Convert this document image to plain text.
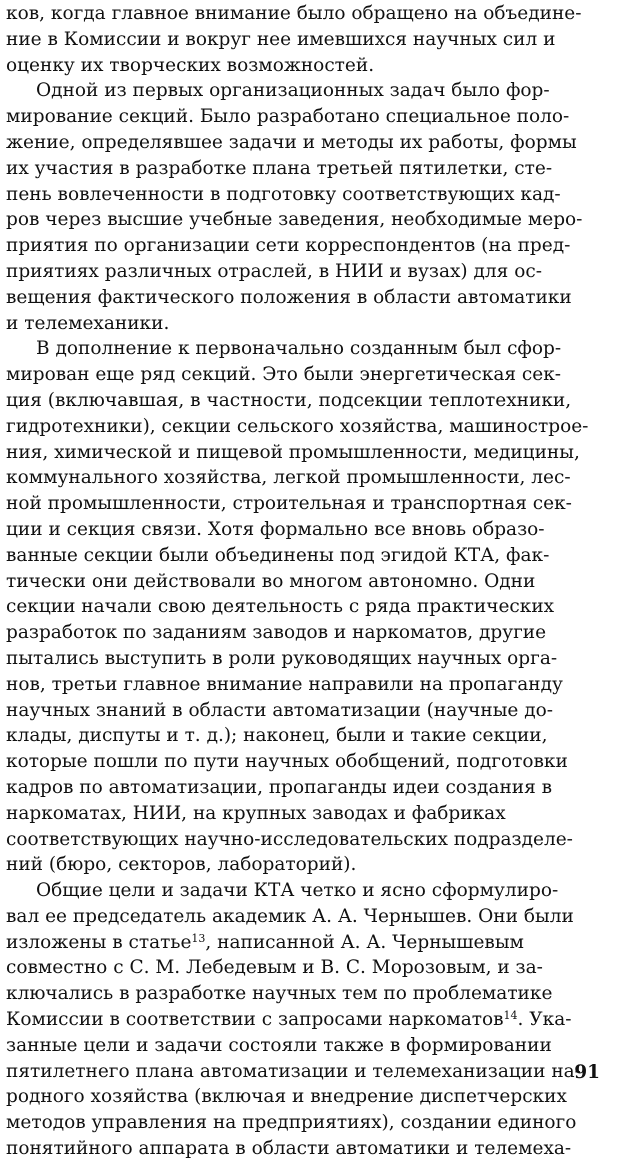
ков, когда главное внимание было обращено на объедине-
ние в Комиссии и вокруг нее имевшихся научных сил и
оценку их творческих возможностей.
Одной из первых организационных задач было фор-
мирование секций. Было разработано специальное поло-
жение, определявшее задачи и методы их работы, формы
их участия в разработке плана третьей пятилетки, сте-
пень вовлеченности в подготовку соответствующих кад-
ров через высшие учебные заведения, необходимые меро-
приятия по организации сети корреспондентов (на пред-
приятиях различных отраслей, в НИИ и вузах) для ос-
вещения фактического положения в области автоматики
и телемеханики.
В дополнение к первоначально созданным был сфор-
мирован еще ряд секций. Это были энергетическая сек-
ция (включавшая, в частности, подсекции теплотехники,
гидротехники), секции сельского хозяйства, машинострое-
ния, химической и пищевой промышленности, медицины,
коммунального хозяйства, легкой промышленности, лес-
ной промышленности, строительная и транспортная сек-
ции и секция связи. Хотя формально все вновь образо-
ванные секции были объединены под эгидой КТА, фак-
тически они действовали во многом автономно. Одни
секции начали свою деятельность с ряда практических
разработок по заданиям заводов и наркоматов, другие
пытались выступить в роли руководящих научных орга-
нов, третьи главное внимание направили на пропаганду
научных знаний в области автоматизации (научные до-
клады, диспуты и т. д.); наконец, были и такие секции,
которые пошли по пути научных обобщений, подготовки
кадров по автоматизации, пропаганды идеи создания в
наркоматах, НИИ, на крупных заводах и фабриках
соответствующих научно-исследовательских подразделе-
ний (бюро, секторов, лабораторий).
Общие цели и задачи КТА четко и ясно сформулиро-
вал ее председатель академик А. А. Чернышев. Они были
изложены в статье$^{13}$, написанной А. А. Чернышевым
совместно с С. М. Лебедевым и В. С. Морозовым, и за-
ключались в разработке научных тем по проблематике
Комиссии в соответствии с запросами наркоматов$^{14}$. Ука-
занные цели и задачи состояли также в формировании
пятилетнего плана автоматизации и телемеханизации на-
родного хозяйства (включая и внедрение диспетчерских
методов управления на предприятиях), создании единого
понятийного аппарата в области автоматики и телемеха-
91
